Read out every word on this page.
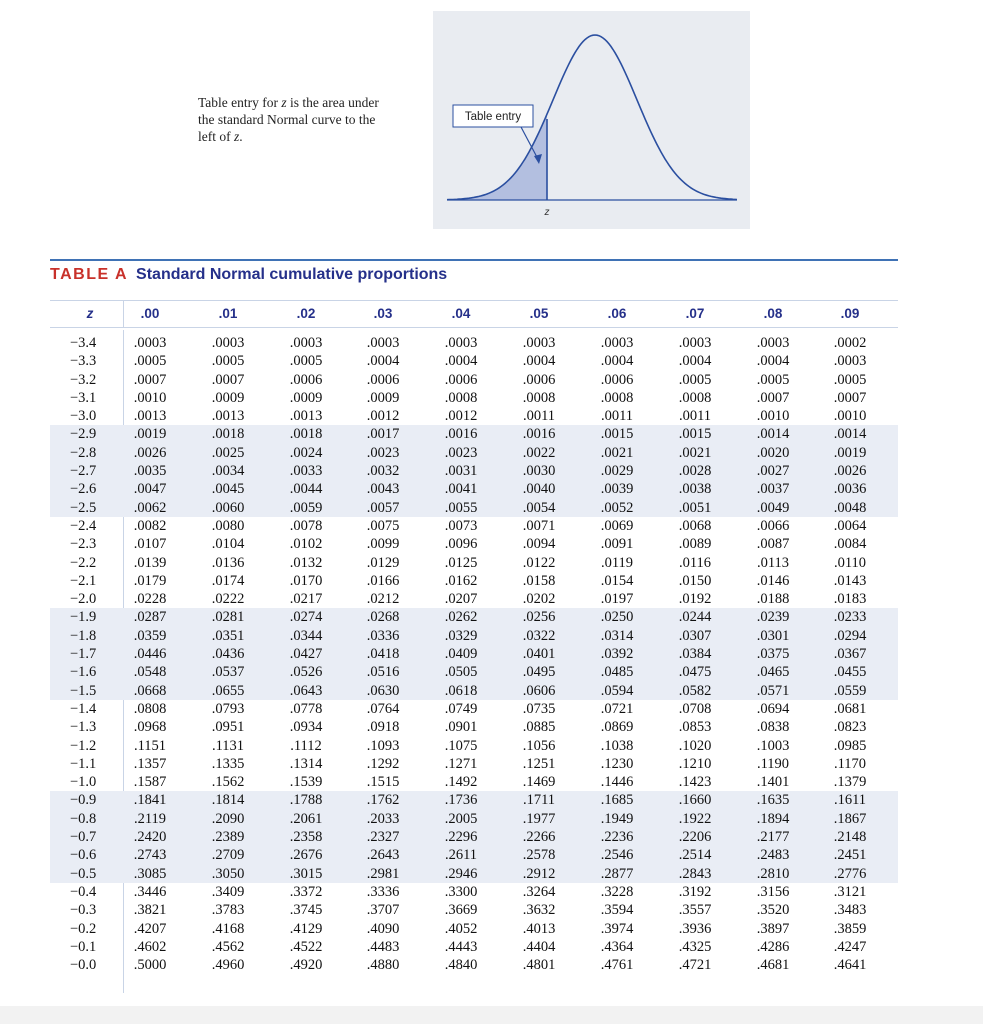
Table entry for z is the area under
the standard Normal curve to the
left of z.
Table entry
z
TABLE A Standard Normal cumulative proportions
z	.00	.01	.02	.03	.04	.05	.06	.07	.08	.09
−3.4	.0003	.0003	.0003	.0003	.0003	.0003	.0003	.0003	.0003	.0002
−3.3	.0005	.0005	.0005	.0004	.0004	.0004	.0004	.0004	.0004	.0003
−3.2	.0007	.0007	.0006	.0006	.0006	.0006	.0006	.0005	.0005	.0005
−3.1	.0010	.0009	.0009	.0009	.0008	.0008	.0008	.0008	.0007	.0007
−3.0	.0013	.0013	.0013	.0012	.0012	.0011	.0011	.0011	.0010	.0010
−2.9	.0019	.0018	.0018	.0017	.0016	.0016	.0015	.0015	.0014	.0014
−2.8	.0026	.0025	.0024	.0023	.0023	.0022	.0021	.0021	.0020	.0019
−2.7	.0035	.0034	.0033	.0032	.0031	.0030	.0029	.0028	.0027	.0026
−2.6	.0047	.0045	.0044	.0043	.0041	.0040	.0039	.0038	.0037	.0036
−2.5	.0062	.0060	.0059	.0057	.0055	.0054	.0052	.0051	.0049	.0048
−2.4	.0082	.0080	.0078	.0075	.0073	.0071	.0069	.0068	.0066	.0064
−2.3	.0107	.0104	.0102	.0099	.0096	.0094	.0091	.0089	.0087	.0084
−2.2	.0139	.0136	.0132	.0129	.0125	.0122	.0119	.0116	.0113	.0110
−2.1	.0179	.0174	.0170	.0166	.0162	.0158	.0154	.0150	.0146	.0143
−2.0	.0228	.0222	.0217	.0212	.0207	.0202	.0197	.0192	.0188	.0183
−1.9	.0287	.0281	.0274	.0268	.0262	.0256	.0250	.0244	.0239	.0233
−1.8	.0359	.0351	.0344	.0336	.0329	.0322	.0314	.0307	.0301	.0294
−1.7	.0446	.0436	.0427	.0418	.0409	.0401	.0392	.0384	.0375	.0367
−1.6	.0548	.0537	.0526	.0516	.0505	.0495	.0485	.0475	.0465	.0455
−1.5	.0668	.0655	.0643	.0630	.0618	.0606	.0594	.0582	.0571	.0559
−1.4	.0808	.0793	.0778	.0764	.0749	.0735	.0721	.0708	.0694	.0681
−1.3	.0968	.0951	.0934	.0918	.0901	.0885	.0869	.0853	.0838	.0823
−1.2	.1151	.1131	.1112	.1093	.1075	.1056	.1038	.1020	.1003	.0985
−1.1	.1357	.1335	.1314	.1292	.1271	.1251	.1230	.1210	.1190	.1170
−1.0	.1587	.1562	.1539	.1515	.1492	.1469	.1446	.1423	.1401	.1379
−0.9	.1841	.1814	.1788	.1762	.1736	.1711	.1685	.1660	.1635	.1611
−0.8	.2119	.2090	.2061	.2033	.2005	.1977	.1949	.1922	.1894	.1867
−0.7	.2420	.2389	.2358	.2327	.2296	.2266	.2236	.2206	.2177	.2148
−0.6	.2743	.2709	.2676	.2643	.2611	.2578	.2546	.2514	.2483	.2451
−0.5	.3085	.3050	.3015	.2981	.2946	.2912	.2877	.2843	.2810	.2776
−0.4	.3446	.3409	.3372	.3336	.3300	.3264	.3228	.3192	.3156	.3121
−0.3	.3821	.3783	.3745	.3707	.3669	.3632	.3594	.3557	.3520	.3483
−0.2	.4207	.4168	.4129	.4090	.4052	.4013	.3974	.3936	.3897	.3859
−0.1	.4602	.4562	.4522	.4483	.4443	.4404	.4364	.4325	.4286	.4247
−0.0	.5000	.4960	.4920	.4880	.4840	.4801	.4761	.4721	.4681	.4641
